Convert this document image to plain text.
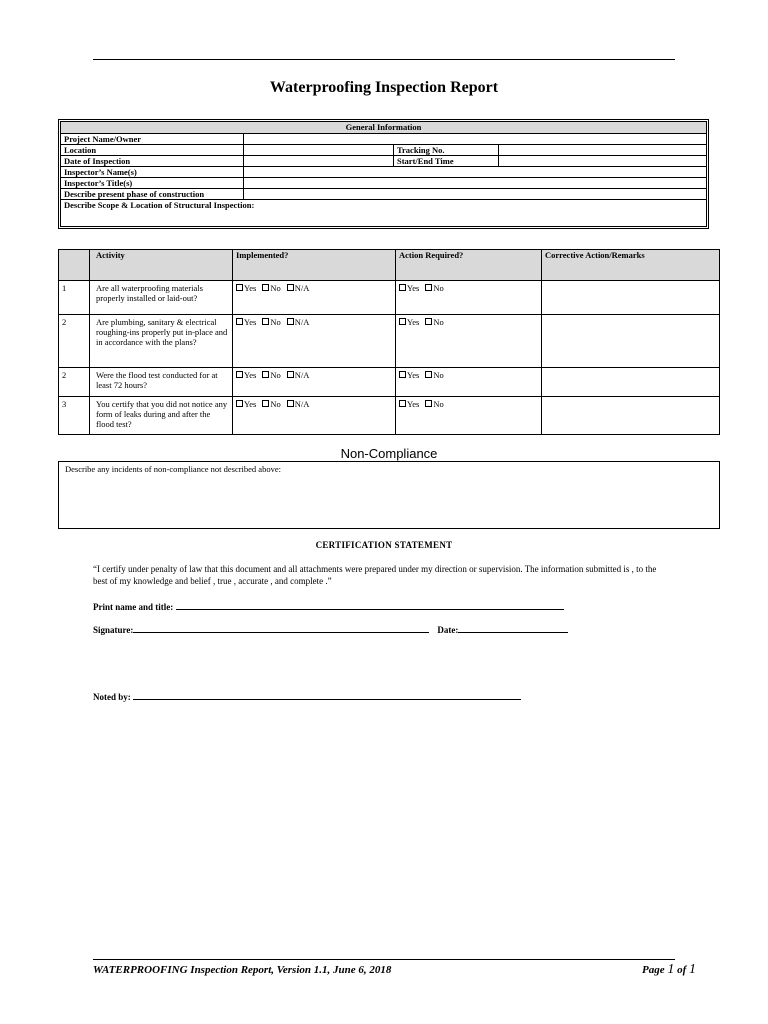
Waterproofing Inspection Report
General Information			
Project Name/Owner			
Location		Tracking No.	
Date of Inspection		Start/End Time	
Inspector’s Name(s)			
Inspector’s Title(s)			
Describe present phase of construction			
Describe Scope & Location of Structural Inspection:			
	Activity	Implemented?	Action Required?	Corrective Action/Remarks
1	Are all waterproofing materials properly installed or laid-out?	Yes No N/A	Yes No	
2	Are plumbing, sanitary & electrical roughing-ins properly put in-place and in accordance with the plans?	Yes No N/A	Yes No	
2	Were the flood test conducted for at least 72 hours?	Yes No N/A	Yes No	
3	You certify that you did not notice any form of leaks during and after the flood test?	Yes No N/A	Yes No	
Non-Compliance
Describe any incidents of non-compliance not described above:
CERTIFICATION STATEMENT
“I certify under penalty of law that this document and all attachments were prepared under my direction or supervision. The information submitted is , to the best of my knowledge and belief , true , accurate , and complete .”
Print name and title:
Signature:	Date:
Noted by:
WATERPROOFING Inspection Report, Version 1.1, June 6, 2018	Page 1 of 1
